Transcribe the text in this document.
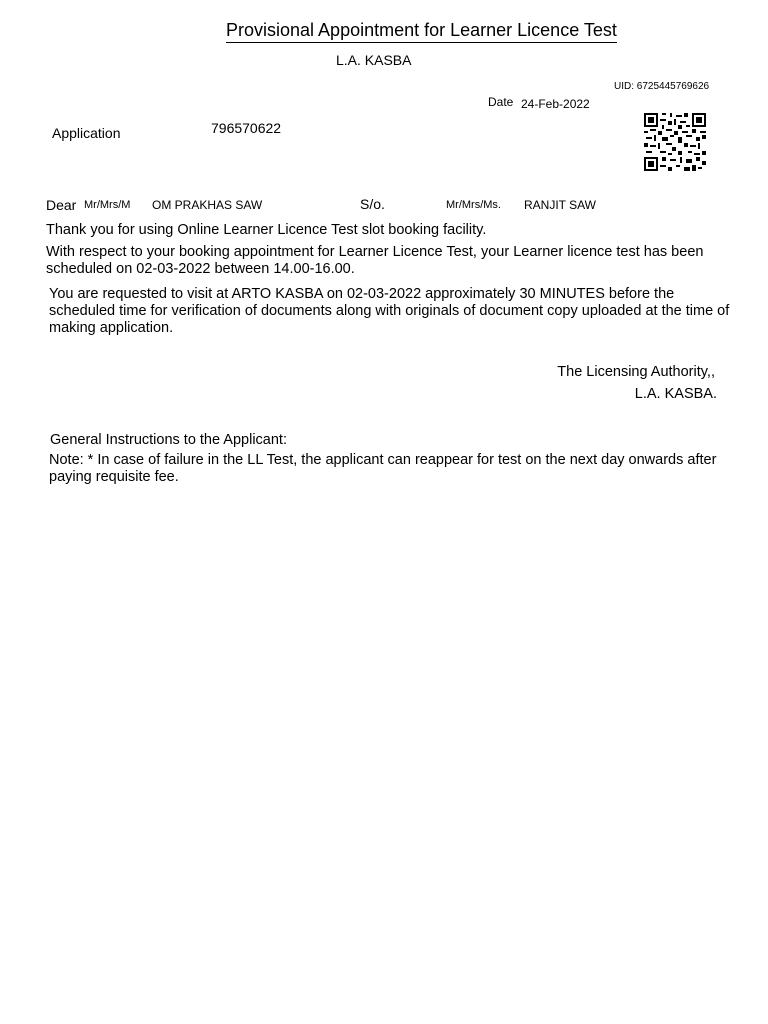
Provisional Appointment for Learner Licence Test
L.A. KASBA
UID: 6725445769626
Date 24-Feb-2022
Application	796570622
Dear Mr/Mrs/M OM PRAKHAS SAW	S/o.	Mr/Mrs/Ms. RANJIT SAW
Thank you for using Online Learner Licence Test slot booking facility.
With respect to your booking appointment for Learner Licence Test, your Learner licence test has been scheduled on 02-03-2022 between 14.00-16.00.
You are requested to visit at ARTO KASBA on 02-03-2022 approximately 30 MINUTES before the scheduled time for verification of documents along with originals of document copy uploaded at the time of making application.
The Licensing Authority,,
L.A. KASBA.
General Instructions to the Applicant:
Note: * In case of failure in the LL Test, the applicant can reappear for test on the next day onwards after paying requisite fee.
